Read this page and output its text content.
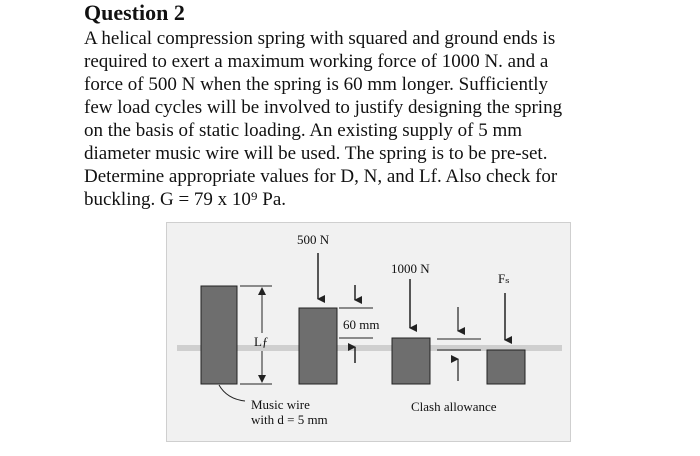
Question 2
A helical compression spring with squared and ground ends is
required to exert a maximum working force of 1000 N. and a
force of 500 N when the spring is 60 mm longer. Sufficiently
few load cycles will be involved to justify designing the spring
on the basis of static loading. An existing supply of 5 mm
diameter music wire will be used. The spring is to be pre-set.
Determine appropriate values for D, N, and Lf. Also check for
buckling. G = 79 x 10⁹ Pa.
500 N
1000 N
Fₛ
Lƒ
60 mm
Music wire
with d = 5 mm
Clash allowance
